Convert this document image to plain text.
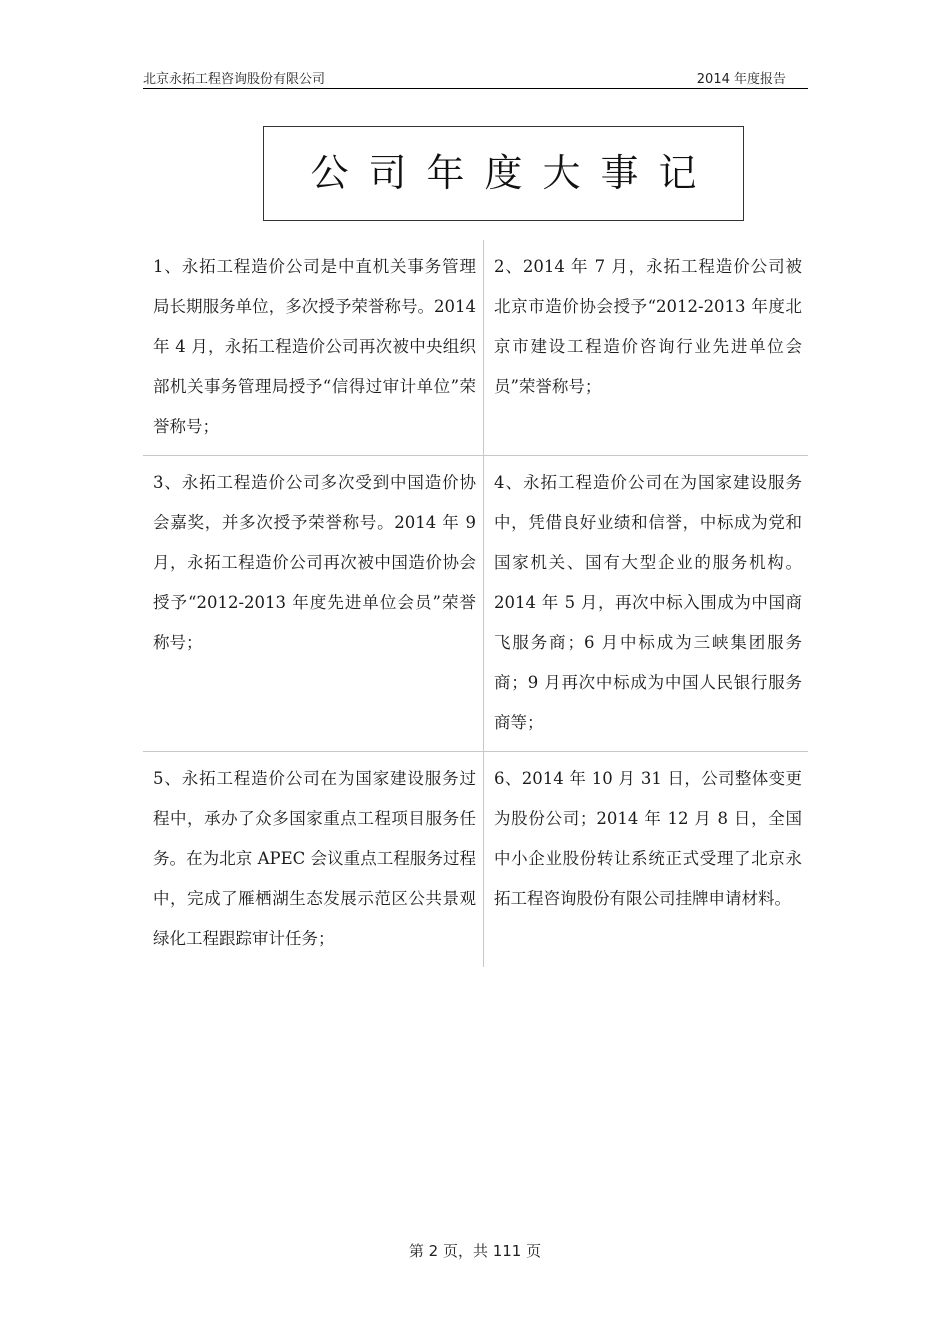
北京永拓工程咨询股份有限公司	2014 年度报告
公司年度大事记
1、永拓工程造价公司是中直机关事务管理局长期服务单位，多次授予荣誉称号。2014 年 4 月，永拓工程造价公司再次被中央组织部机关事务管理局授予“信得过审计单位”荣誉称号；
2、2014 年 7 月，永拓工程造价公司被北京市造价协会授予“2012-2013 年度北京市建设工程造价咨询行业先进单位会员”荣誉称号；
3、永拓工程造价公司多次受到中国造价协会嘉奖，并多次授予荣誉称号。2014 年 9 月，永拓工程造价公司再次被中国造价协会授予“2012-2013 年度先进单位会员”荣誉称号；
4、永拓工程造价公司在为国家建设服务中，凭借良好业绩和信誉，中标成为党和国家机关、国有大型企业的服务机构。2014 年 5 月，再次中标入围成为中国商飞服务商；6 月中标成为三峡集团服务商；9 月再次中标成为中国人民银行服务商等；
5、永拓工程造价公司在为国家建设服务过程中，承办了众多国家重点工程项目服务任务。在为北京 APEC 会议重点工程服务过程中，完成了雁栖湖生态发展示范区公共景观绿化工程跟踪审计任务；
6、2014 年 10 月 31 日，公司整体变更为股份公司；2014 年 12 月 8 日，全国中小企业股份转让系统正式受理了北京永拓工程咨询股份有限公司挂牌申请材料。
第 2 页，共 111 页
